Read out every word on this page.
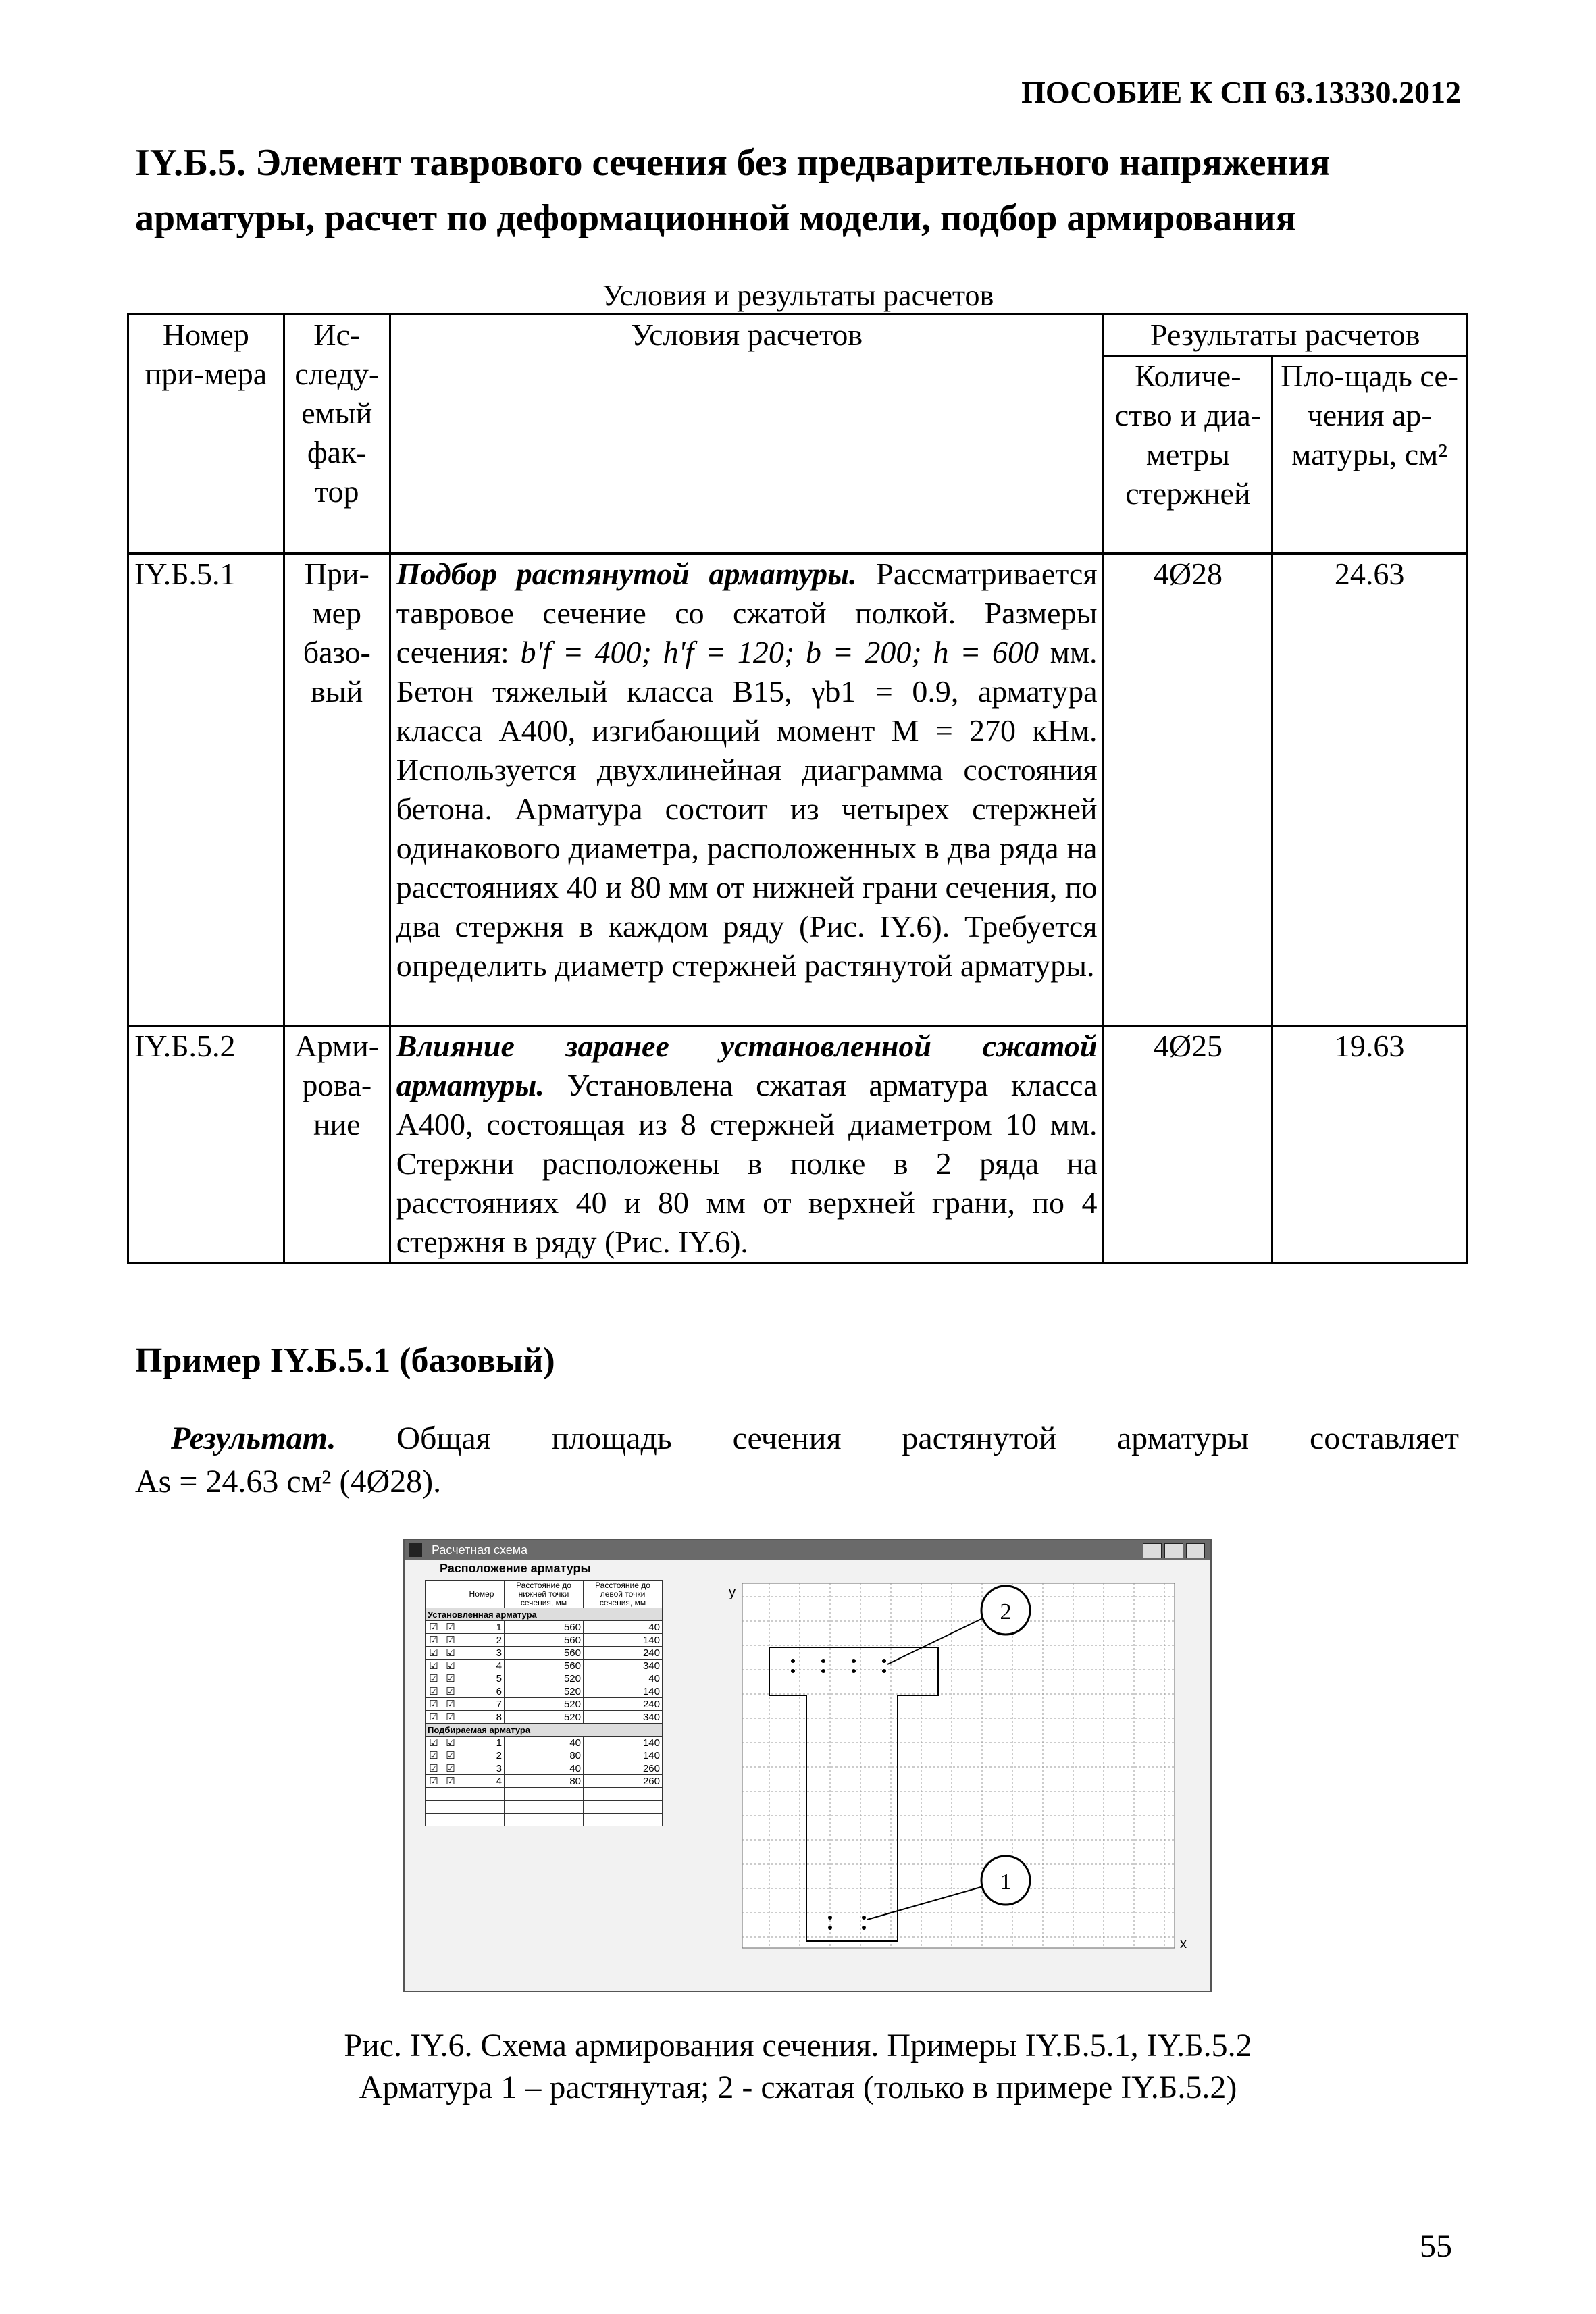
ПОСОБИЕ К СП 63.13330.2012
IY.Б.5. Элемент таврового сечения без предварительного напряжения арматуры, расчет по деформационной модели, подбор армирования
Условия и результаты расчетов
Номер при-мера	Ис-следу-емый фак-тор	Условия расчетов	Результаты расчетов	
			Количе-ство и диа-метры стержней	Пло-щадь се-чения ар-матуры, см²
IY.Б.5.1	При-мер базо-вый	Подбор растянутой арматуры. Рассматривается тавровое сечение со сжатой полкой. Размеры сечения: b'f = 400; h'f = 120; b = 200; h = 600 мм. Бетон тяжелый класса B15, γb1 = 0.9, арматура класса А400, изгибающий момент M = 270 кНм. Используется двухлинейная диаграмма состояния бетона. Арматура состоит из четырех стержней одинакового диаметра, расположенных в два ряда на расстояниях 40 и 80 мм от нижней грани сечения, по два стержня в каждом ряду (Рис. IY.6). Требуется определить диаметр стержней растянутой арматуры.	4Ø28	24.63
IY.Б.5.2	Арми-рова-ние	Влияние заранее установленной сжатой арматуры. Установлена сжатая арматура класса А400, состоящая из 8 стержней диаметром 10 мм. Стержни расположены в полке в 2 ряда на расстояниях 40 и 80 мм от верхней грани, по 4 стержня в ряду (Рис. IY.6).	4Ø25	19.63
Пример IY.Б.5.1 (базовый)
Результат. Общая площадь сечения растянутой арматуры составляет
As = 24.63 см² (4Ø28).
Расчетная схема
Расположение арматуры
		Номер	Расстояние до нижней точки сечения, мм	Расстояние до левой точки сечения, мм
Установленная арматура				
☑	☑	1	560	40
☑	☑	2	560	140
☑	☑	3	560	240
☑	☑	4	560	340
☑	☑	5	520	40
☑	☑	6	520	140
☑	☑	7	520	240
☑	☑	8	520	340
Подбираемая арматура				
☑	☑	1	40	140
☑	☑	2	80	140
☑	☑	3	40	260
☑	☑	4	80	260

2
1
y
x
Рис. IY.6. Схема армирования сечения. Примеры IY.Б.5.1, IY.Б.5.2
Арматура 1 – растянутая; 2 - сжатая (только в примере IY.Б.5.2)
55
